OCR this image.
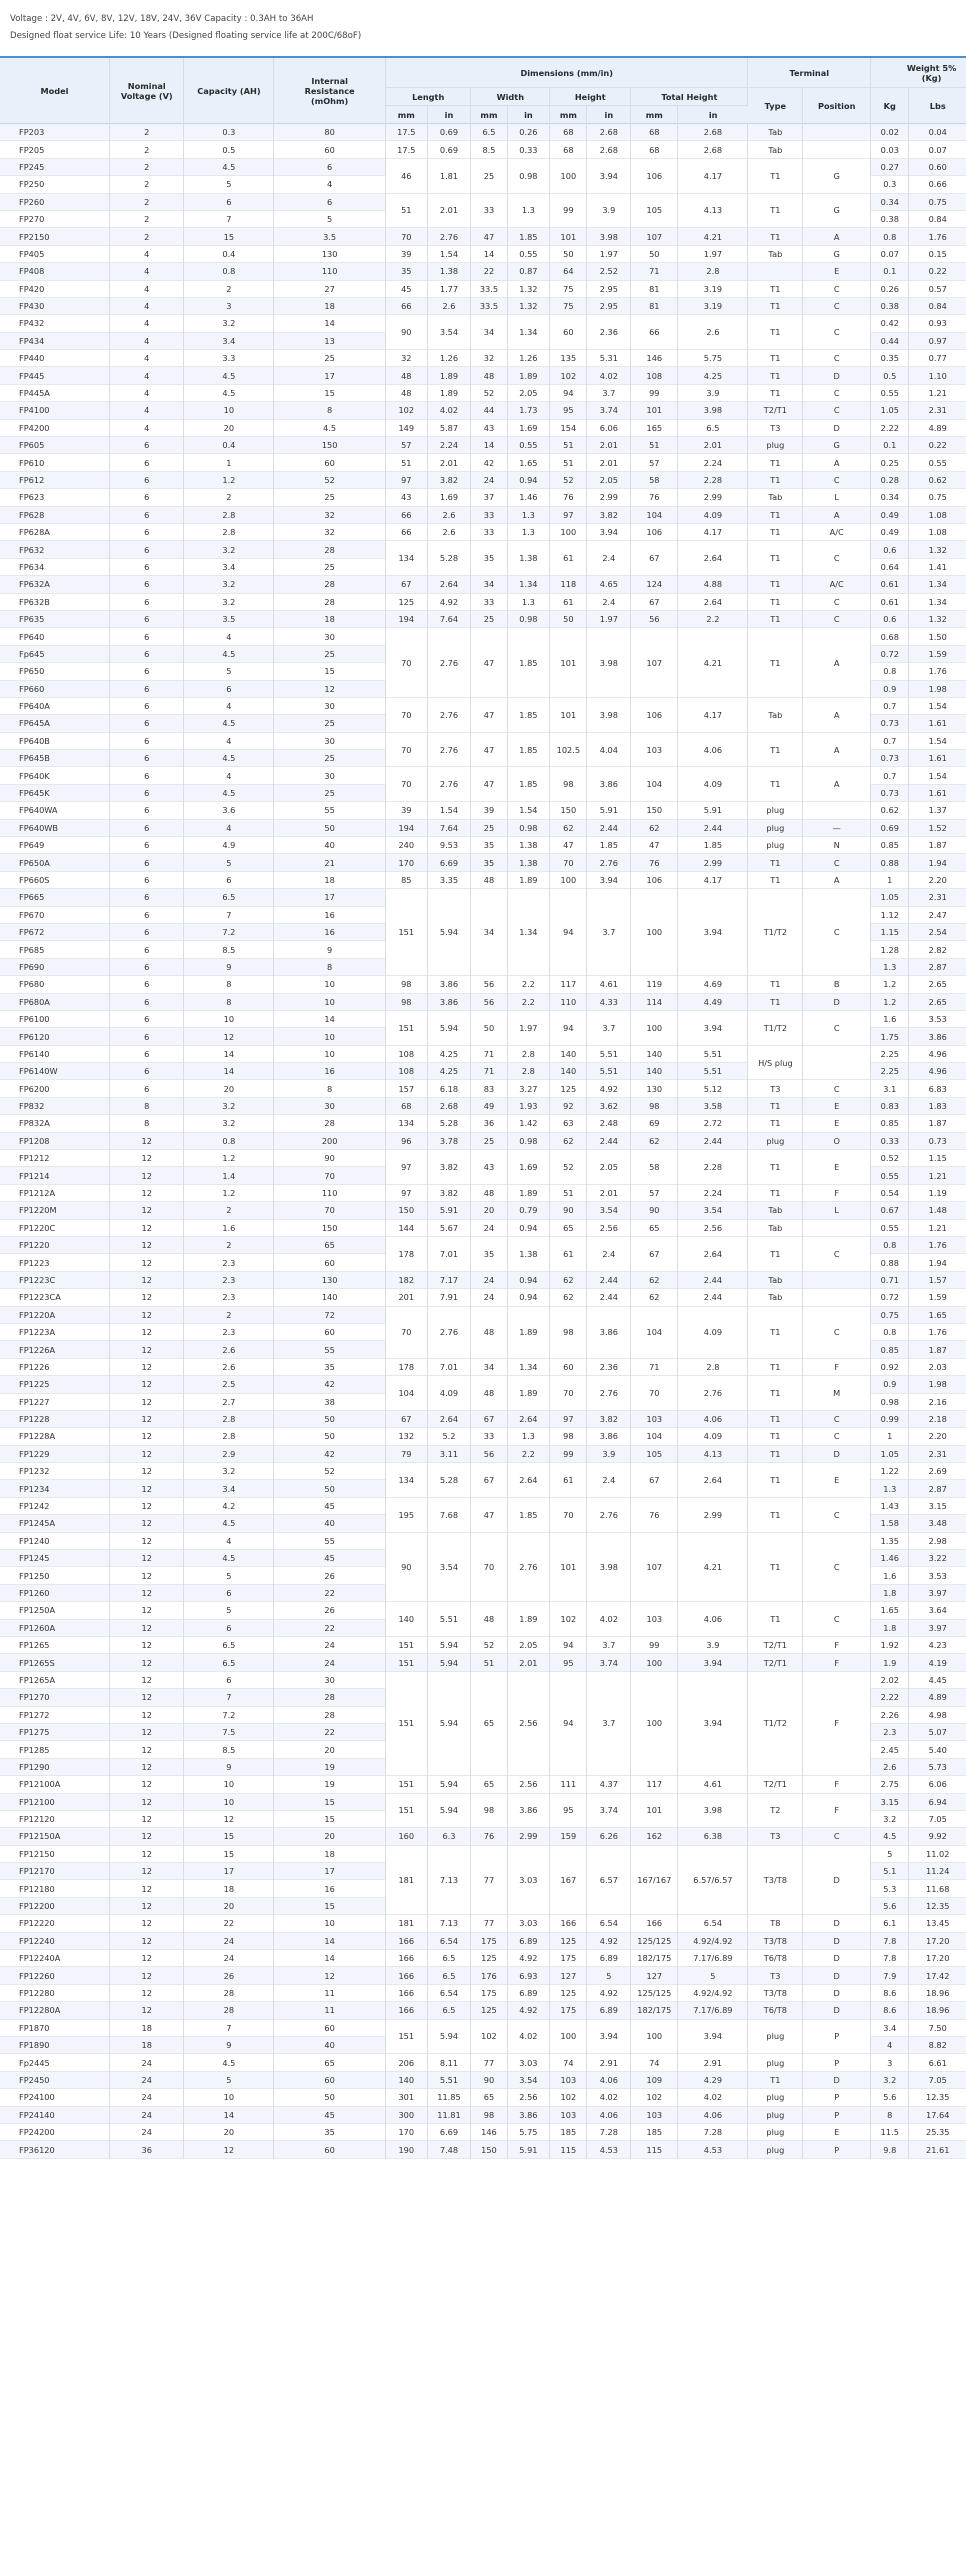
Voltage : 2V, 4V, 6V, 8V, 12V, 18V, 24V, 36V Capacity : 0.3AH to 36AH

Designed float service Life: 10 Years (Designed floating service life at 200C/68oF)

Model	Nominal Voltage (V)	Capacity (AH)	Internal Resistance (mOhm)	Dimensions (mm/in)								Terminal		Weight 5%(Kg)	
				Length		Width		Height		Total Height		Type	Position	Kg	Lbs
				mm	in	mm	in	mm	in	mm	in				
FP203	2	0.3	80	17.5	0.69	6.5	0.26	68	2.68	68	2.68	Tab		0.02	0.04
FP205	2	0.5	60	17.5	0.69	8.5	0.33	68	2.68	68	2.68	Tab		0.03	0.07
FP245	2	4.5	6	46	1.81	25	0.98	100	3.94	106	4.17	T1	G	0.27	0.60
FP250	2	5	4											0.3	0.66
FP260	2	6	6	51	2.01	33	1.3	99	3.9	105	4.13	T1	G	0.34	0.75
FP270	2	7	5											0.38	0.84
FP2150	2	15	3.5	70	2.76	47	1.85	101	3.98	107	4.21	T1	A	0.8	1.76
FP405	4	0.4	130	39	1.54	14	0.55	50	1.97	50	1.97	Tab	G	0.07	0.15
FP408	4	0.8	110	35	1.38	22	0.87	64	2.52	71	2.8		E	0.1	0.22
FP420	4	2	27	45	1.77	33.5	1.32	75	2.95	81	3.19	T1	C	0.26	0.57
FP430	4	3	18	66	2.6	33.5	1.32	75	2.95	81	3.19	T1	C	0.38	0.84
FP432	4	3.2	14	90	3.54	34	1.34	60	2.36	66	2.6	T1	C	0.42	0.93
FP434	4	3.4	13											0.44	0.97
FP440	4	3.3	25	32	1.26	32	1.26	135	5.31	146	5.75	T1	C	0.35	0.77
FP445	4	4.5	17	48	1.89	48	1.89	102	4.02	108	4.25	T1	D	0.5	1.10
FP445A	4	4.5	15	48	1.89	52	2.05	94	3.7	99	3.9	T1	C	0.55	1.21
FP4100	4	10	8	102	4.02	44	1.73	95	3.74	101	3.98	T2/T1	C	1.05	2.31
FP4200	4	20	4.5	149	5.87	43	1.69	154	6.06	165	6.5	T3	D	2.22	4.89
FP605	6	0.4	150	57	2.24	14	0.55	51	2.01	51	2.01	plug	G	0.1	0.22
FP610	6	1	60	51	2.01	42	1.65	51	2.01	57	2.24	T1	A	0.25	0.55
FP612	6	1.2	52	97	3.82	24	0.94	52	2.05	58	2.28	T1	C	0.28	0.62
FP623	6	2	25	43	1.69	37	1.46	76	2.99	76	2.99	Tab	L	0.34	0.75
FP628	6	2.8	32	66	2.6	33	1.3	97	3.82	104	4.09	T1	A	0.49	1.08
FP628A	6	2.8	32	66	2.6	33	1.3	100	3.94	106	4.17	T1	A/C	0.49	1.08
FP632	6	3.2	28	134	5.28	35	1.38	61	2.4	67	2.64	T1	C	0.6	1.32
FP634	6	3.4	25											0.64	1.41
FP632A	6	3.2	28	67	2.64	34	1.34	118	4.65	124	4.88	T1	A/C	0.61	1.34
FP632B	6	3.2	28	125	4.92	33	1.3	61	2.4	67	2.64	T1	C	0.61	1.34
FP635	6	3.5	18	194	7.64	25	0.98	50	1.97	56	2.2	T1	C	0.6	1.32
FP640	6	4	30	70	2.76	47	1.85	101	3.98	107	4.21	T1	A	0.68	1.50
Fp645	6	4.5	25											0.72	1.59
FP650	6	5	15											0.8	1.76
FP660	6	6	12											0.9	1.98
FP640A	6	4	30	70	2.76	47	1.85	101	3.98	106	4.17	Tab	A	0.7	1.54
FP645A	6	4.5	25											0.73	1.61
FP640B	6	4	30	70	2.76	47	1.85	102.5	4.04	103	4.06	T1	A	0.7	1.54
FP645B	6	4.5	25											0.73	1.61
FP640K	6	4	30	70	2.76	47	1.85	98	3.86	104	4.09	T1	A	0.7	1.54
FP645K	6	4.5	25											0.73	1.61
FP640WA	6	3.6	55	39	1.54	39	1.54	150	5.91	150	5.91	plug		0.62	1.37
FP640WB	6	4	50	194	7.64	25	0.98	62	2.44	62	2.44	plug	—	0.69	1.52
FP649	6	4.9	40	240	9.53	35	1.38	47	1.85	47	1.85	plug	N	0.85	1.87
FP650A	6	5	21	170	6.69	35	1.38	70	2.76	76	2.99	T1	C	0.88	1.94
FP660S	6	6	18	85	3.35	48	1.89	100	3.94	106	4.17	T1	A	1	2.20
FP665	6	6.5	17	151	5.94	34	1.34	94	3.7	100	3.94	T1/T2	C	1.05	2.31
FP670	6	7	16											1.12	2.47
FP672	6	7.2	16											1.15	2.54
FP685	6	8.5	9											1.28	2.82
FP690	6	9	8											1.3	2.87
FP680	6	8	10	98	3.86	56	2.2	117	4.61	119	4.69	T1	B	1.2	2.65
FP680A	6	8	10	98	3.86	56	2.2	110	4.33	114	4.49	T1	D	1.2	2.65
FP6100	6	10	14	151	5.94	50	1.97	94	3.7	100	3.94	T1/T2	C	1.6	3.53
FP6120	6	12	10											1.75	3.86
FP6140	6	14	10	108	4.25	71	2.8	140	5.51	140	5.51	H/S plug		2.25	4.96
FP6140W	6	14	16	108	4.25	71	2.8	140	5.51	140	5.51			2.25	4.96
FP6200	6	20	8	157	6.18	83	3.27	125	4.92	130	5.12	T3	C	3.1	6.83
FP832	8	3.2	30	68	2.68	49	1.93	92	3.62	98	3.58	T1	E	0.83	1.83
FP832A	8	3.2	28	134	5.28	36	1.42	63	2.48	69	2.72	T1	E	0.85	1.87
FP1208	12	0.8	200	96	3.78	25	0.98	62	2.44	62	2.44	plug	O	0.33	0.73
FP1212	12	1.2	90	97	3.82	43	1.69	52	2.05	58	2.28	T1	E	0.52	1.15
FP1214	12	1.4	70											0.55	1.21
FP1212A	12	1.2	110	97	3.82	48	1.89	51	2.01	57	2.24	T1	F	0.54	1.19
FP1220M	12	2	70	150	5.91	20	0.79	90	3.54	90	3.54	Tab	L	0.67	1.48
FP1220C	12	1.6	150	144	5.67	24	0.94	65	2.56	65	2.56	Tab		0.55	1.21
FP1220	12	2	65	178	7.01	35	1.38	61	2.4	67	2.64	T1	C	0.8	1.76
FP1223	12	2.3	60											0.88	1.94
FP1223C	12	2.3	130	182	7.17	24	0.94	62	2.44	62	2.44	Tab		0.71	1.57
FP1223CA	12	2.3	140	201	7.91	24	0.94	62	2.44	62	2.44	Tab		0.72	1.59
FP1220A	12	2	72	70	2.76	48	1.89	98	3.86	104	4.09	T1	C	0.75	1.65
FP1223A	12	2.3	60											0.8	1.76
FP1226A	12	2.6	55											0.85	1.87
FP1226	12	2.6	35	178	7.01	34	1.34	60	2.36	71	2.8	T1	F	0.92	2.03
FP1225	12	2.5	42	104	4.09	48	1.89	70	2.76	70	2.76	T1	M	0.9	1.98
FP1227	12	2.7	38											0.98	2.16
FP1228	12	2.8	50	67	2.64	67	2.64	97	3.82	103	4.06	T1	C	0.99	2.18
FP1228A	12	2.8	50	132	5.2	33	1.3	98	3.86	104	4.09	T1	C	1	2.20
FP1229	12	2.9	42	79	3.11	56	2.2	99	3.9	105	4.13	T1	D	1.05	2.31
FP1232	12	3.2	52	134	5.28	67	2.64	61	2.4	67	2.64	T1	E	1.22	2.69
FP1234	12	3.4	50											1.3	2.87
FP1242	12	4.2	45	195	7.68	47	1.85	70	2.76	76	2.99	T1	C	1.43	3.15
FP1245A	12	4.5	40											1.58	3.48
FP1240	12	4	55	90	3.54	70	2.76	101	3.98	107	4.21	T1	C	1.35	2.98
FP1245	12	4.5	45											1.46	3.22
FP1250	12	5	26											1.6	3.53
FP1260	12	6	22											1.8	3.97
FP1250A	12	5	26	140	5.51	48	1.89	102	4.02	103	4.06	T1	C	1.65	3.64
FP1260A	12	6	22											1.8	3.97
FP1265	12	6.5	24	151	5.94	52	2.05	94	3.7	99	3.9	T2/T1	F	1.92	4.23
FP1265S	12	6.5	24	151	5.94	51	2.01	95	3.74	100	3.94	T2/T1	F	1.9	4.19
FP1265A	12	6	30	151	5.94	65	2.56	94	3.7	100	3.94	T1/T2	F	2.02	4.45
FP1270	12	7	28											2.22	4.89
FP1272	12	7.2	28											2.26	4.98
FP1275	12	7.5	22											2.3	5.07
FP1285	12	8.5	20											2.45	5.40
FP1290	12	9	19											2.6	5.73
FP12100A	12	10	19	151	5.94	65	2.56	111	4.37	117	4.61	T2/T1	F	2.75	6.06
FP12100	12	10	15	151	5.94	98	3.86	95	3.74	101	3.98	T2	F	3.15	6.94
FP12120	12	12	15											3.2	7.05
FP12150A	12	15	20	160	6.3	76	2.99	159	6.26	162	6.38	T3	C	4.5	9.92
FP12150	12	15	18	181	7.13	77	3.03	167	6.57	167/167	6.57/6.57	T3/T8	D	5	11.02
FP12170	12	17	17											5.1	11.24
FP12180	12	18	16											5.3	11.68
FP12200	12	20	15											5.6	12.35
FP12220	12	22	10	181	7.13	77	3.03	166	6.54	166	6.54	T8	D	6.1	13.45
FP12240	12	24	14	166	6.54	175	6.89	125	4.92	125/125	4.92/4.92	T3/T8	D	7.8	17.20
FP12240A	12	24	14	166	6.5	125	4.92	175	6.89	182/175	7.17/6.89	T6/T8	D	7.8	17.20
FP12260	12	26	12	166	6.5	176	6.93	127	5	127	5	T3	D	7.9	17.42
FP12280	12	28	11	166	6.54	175	6.89	125	4.92	125/125	4.92/4.92	T3/T8	D	8.6	18.96
FP12280A	12	28	11	166	6.5	125	4.92	175	6.89	182/175	7.17/6.89	T6/T8	D	8.6	18.96
FP1870	18	7	60	151	5.94	102	4.02	100	3.94	100	3.94	plug	P	3.4	7.50
FP1890	18	9	40											4	8.82
Fp2445	24	4.5	65	206	8.11	77	3.03	74	2.91	74	2.91	plug	P	3	6.61
FP2450	24	5	60	140	5.51	90	3.54	103	4.06	109	4.29	T1	D	3.2	7.05
FP24100	24	10	50	301	11.85	65	2.56	102	4.02	102	4.02	plug	P	5.6	12.35
FP24140	24	14	45	300	11.81	98	3.86	103	4.06	103	4.06	plug	P	8	17.64
FP24200	24	20	35	170	6.69	146	5.75	185	7.28	185	7.28	plug	E	11.5	25.35
FP36120	36	12	60	190	7.48	150	5.91	115	4.53	115	4.53	plug	P	9.8	21.61
